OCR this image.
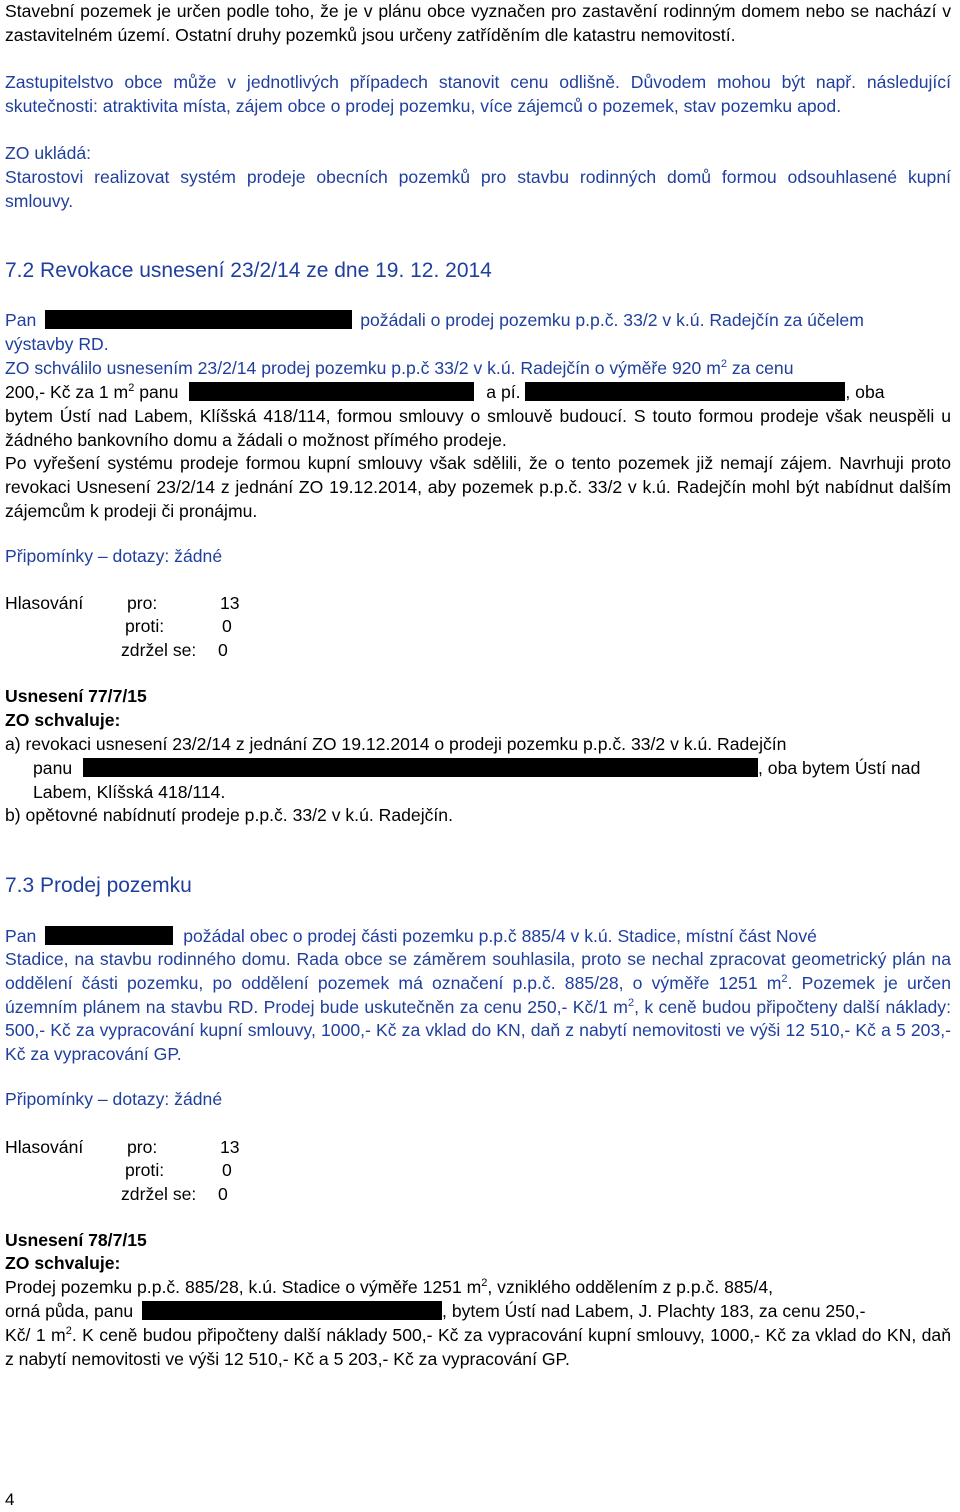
Stavební pozemek je určen podle toho, že je v plánu obce vyznačen pro zastavění rodinným domem nebo se nachází v zastavitelném území. Ostatní druhy pozemků jsou určeny zatříděním dle katastru nemovitostí.

Zastupitelstvo obce může v jednotlivých případech stanovit cenu odlišně. Důvodem mohou být např. následující skutečnosti: atraktivita místa, zájem obce o prodej pozemku, více zájemců o pozemek, stav pozemku apod.

ZO ukládá:

Starostovi realizovat systém prodeje obecních pozemků pro stavbu rodinných domů formou odsouhlasené kupní smlouvy.

7.2 Revokace usnesení 23/2/14 ze dne 19. 12. 2014

Pan	požádali o prodej pozemku p.p.č. 33/2 v k.ú. Radejčín za účelem

výstavby RD.

ZO schválilo usnesením 23/2/14 prodej pozemku p.p.č 33/2 v k.ú. Radejčín o výměře 920 $m^2$ za cenu

200,- Kč za 1 $m^2$ panu	a pí.	, oba

bytem Ústí nad Labem, Klíšská 418/114, formou smlouvy o smlouvě budoucí. S touto formou prodeje však neuspěli u žádného bankovního domu a žádali o možnost přímého prodeje.

Po vyřešení systému prodeje formou kupní smlouvy však sdělili, že o tento pozemek již nemají zájem. Navrhuji proto revokaci Usnesení 23/2/14 z jednání ZO 19.12.2014, aby pozemek p.p.č. 33/2 v k.ú. Radejčín mohl být nabídnut dalším zájemcům k prodeji či pronájmu.

Připomínky – dotazy: žádné

Hlasování pro:	13

proti:	0

zdržel se: 0

Usnesení 77/7/15

ZO schvaluje:

a) revokaci usnesení 23/2/14 z jednání ZO 19.12.2014 o prodeji pozemku p.p.č. 33/2 v k.ú. Radejčín

panu	, oba bytem Ústí nad

Labem, Klíšská 418/114.

b) opětovné nabídnutí prodeje p.p.č. 33/2 v k.ú. Radejčín.

7.3 Prodej pozemku

Pan	požádal obec o prodej části pozemku p.p.č 885/4 v k.ú. Stadice, místní část Nové

Stadice, na stavbu rodinného domu. Rada obce se záměrem souhlasila, proto se nechal zpracovat geometrický plán na oddělení části pozemku, po oddělení pozemek má označení p.p.č. 885/28, o výměře 1251 $m^2$. Pozemek je určen územním plánem na stavbu RD. Prodej bude uskutečněn za cenu 250,- Kč/1 $m^2$, k ceně budou připočteny další náklady: 500,- Kč za vypracování kupní smlouvy, 1000,- Kč za vklad do KN, daň z nabytí nemovitosti ve výši 12 510,- Kč a 5 203,- Kč za vypracování GP.

Připomínky – dotazy: žádné

Hlasování pro:	13

proti:	0

zdržel se: 0

Usnesení 78/7/15

ZO schvaluje:

Prodej pozemku p.p.č. 885/28, k.ú. Stadice o výměře 1251 $m^2$, vzniklého oddělením z p.p.č. 885/4,

orná půda, panu	, bytem Ústí nad Labem, J. Plachty 183, za cenu 250,-

Kč/ 1 $m^2$. K ceně budou připočteny další náklady 500,- Kč za vypracování kupní smlouvy, 1000,- Kč za vklad do KN, daň z nabytí nemovitosti ve výši 12 510,- Kč a 5 203,- Kč za vypracování GP.

4
